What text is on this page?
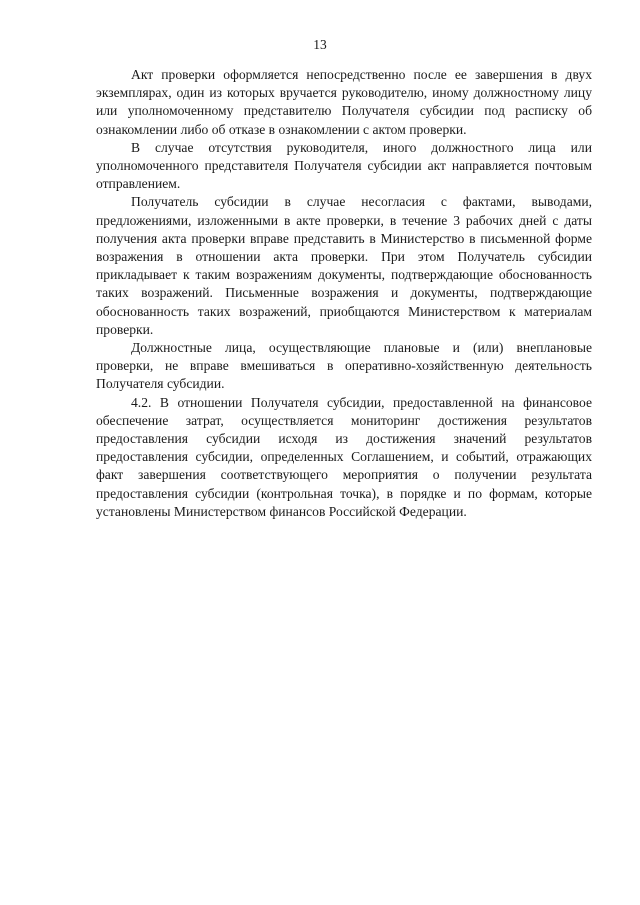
13

Акт проверки оформляется непосредственно после ее завершения в двух экземплярах, один из которых вручается руководителю, иному должностному лицу или уполномоченному представителю Получателя субсидии под расписку об ознакомлении либо об отказе в ознакомлении с актом проверки.

В случае отсутствия руководителя, иного должностного лица или уполномоченного представителя Получателя субсидии акт направляется почтовым отправлением.

Получатель субсидии в случае несогласия с фактами, выводами, предложениями, изложенными в акте проверки, в течение 3 рабочих дней с даты получения акта проверки вправе представить в Министерство в письменной форме возражения в отношении акта проверки. При этом Получатель субсидии прикладывает к таким возражениям документы, подтверждающие обоснованность таких возражений. Письменные возражения и документы, подтверждающие обоснованность таких возражений, приобщаются Министерством к материалам проверки.

Должностные лица, осуществляющие плановые и (или) внеплановые проверки, не вправе вмешиваться в оперативно-хозяйственную деятельность Получателя субсидии.

4.2. В отношении Получателя субсидии, предоставленной на финансовое обеспечение затрат, осуществляется мониторинг достижения результатов предоставления субсидии исходя из достижения значений результатов предоставления субсидии, определенных Соглашением, и событий, отражающих факт завершения соответствующего мероприятия о получении результата предоставления субсидии (контрольная точка), в порядке и по формам, которые установлены Министерством финансов Российской Федерации.
